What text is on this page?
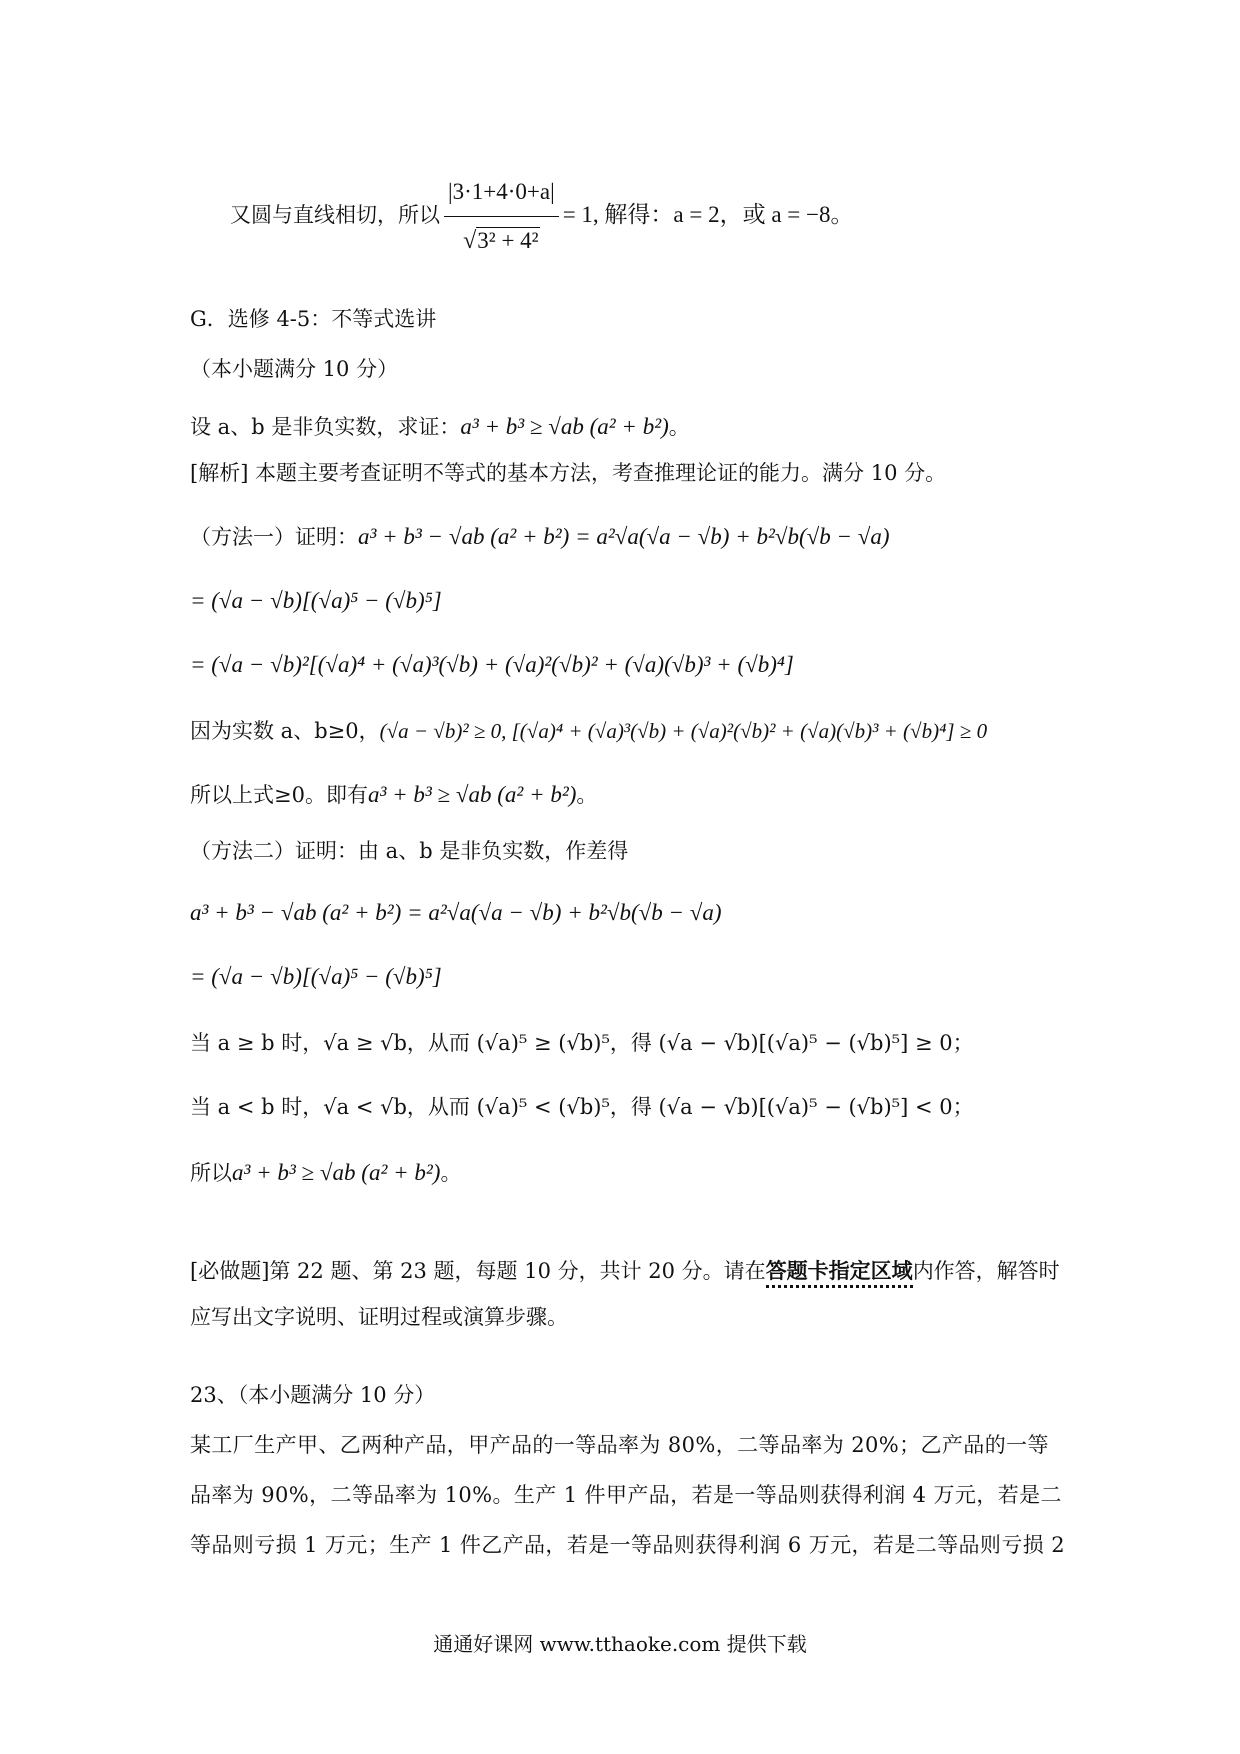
又圆与直线相切，所以 $\frac{|3\cdot 1+4\cdot 0+a|}{\text{√3² + 4²}} = 1$, 解得：a = 2，或 a = −8。
G．选修 4-5：不等式选讲
（本小题满分 10 分）
设 a、b 是非负实数，求证：a³ + b³ ≥ √ab (a² + b²)。
[解析] 本题主要考查证明不等式的基本方法，考查推理论证的能力。满分 10 分。
（方法一）证明：a³ + b³ − √ab (a² + b²) = a²√a(√a − √b) + b²√b(√b − √a)
= (√a − √b)[(√a)⁵ − (√b)⁵]
= (√a − √b)²[(√a)⁴ + (√a)³(√b) + (√a)²(√b)² + (√a)(√b)³ + (√b)⁴]
因为实数 a、b≥0，(√a − √b)² ≥ 0, [(√a)⁴ + (√a)³(√b) + (√a)²(√b)² + (√a)(√b)³ + (√b)⁴] ≥ 0
所以上式≥0。即有a³ + b³ ≥ √ab (a² + b²)。
（方法二）证明：由 a、b 是非负实数，作差得
a³ + b³ − √ab (a² + b²) = a²√a(√a − √b) + b²√b(√b − √a)
= (√a − √b)[(√a)⁵ − (√b)⁵]
当 a ≥ b 时，√a ≥ √b，从而 (√a)⁵ ≥ (√b)⁵，得 (√a − √b)[(√a)⁵ − (√b)⁵] ≥ 0；
当 a < b 时，√a < √b，从而 (√a)⁵ < (√b)⁵，得 (√a − √b)[(√a)⁵ − (√b)⁵] < 0；
所以a³ + b³ ≥ √ab (a² + b²)。
[必做题]第 22 题、第 23 题，每题 10 分，共计 20 分。请在答题卡指定区域内作答，解答时
应写出文字说明、证明过程或演算步骤。
23、（本小题满分 10 分）
某工厂生产甲、乙两种产品，甲产品的一等品率为 80%，二等品率为 20%；乙产品的一等
品率为 90%，二等品率为 10%。生产 1 件甲产品，若是一等品则获得利润 4 万元，若是二
等品则亏损 1 万元；生产 1 件乙产品，若是一等品则获得利润 6 万元，若是二等品则亏损 2
通通好课网 www.tthaoke.com 提供下载
